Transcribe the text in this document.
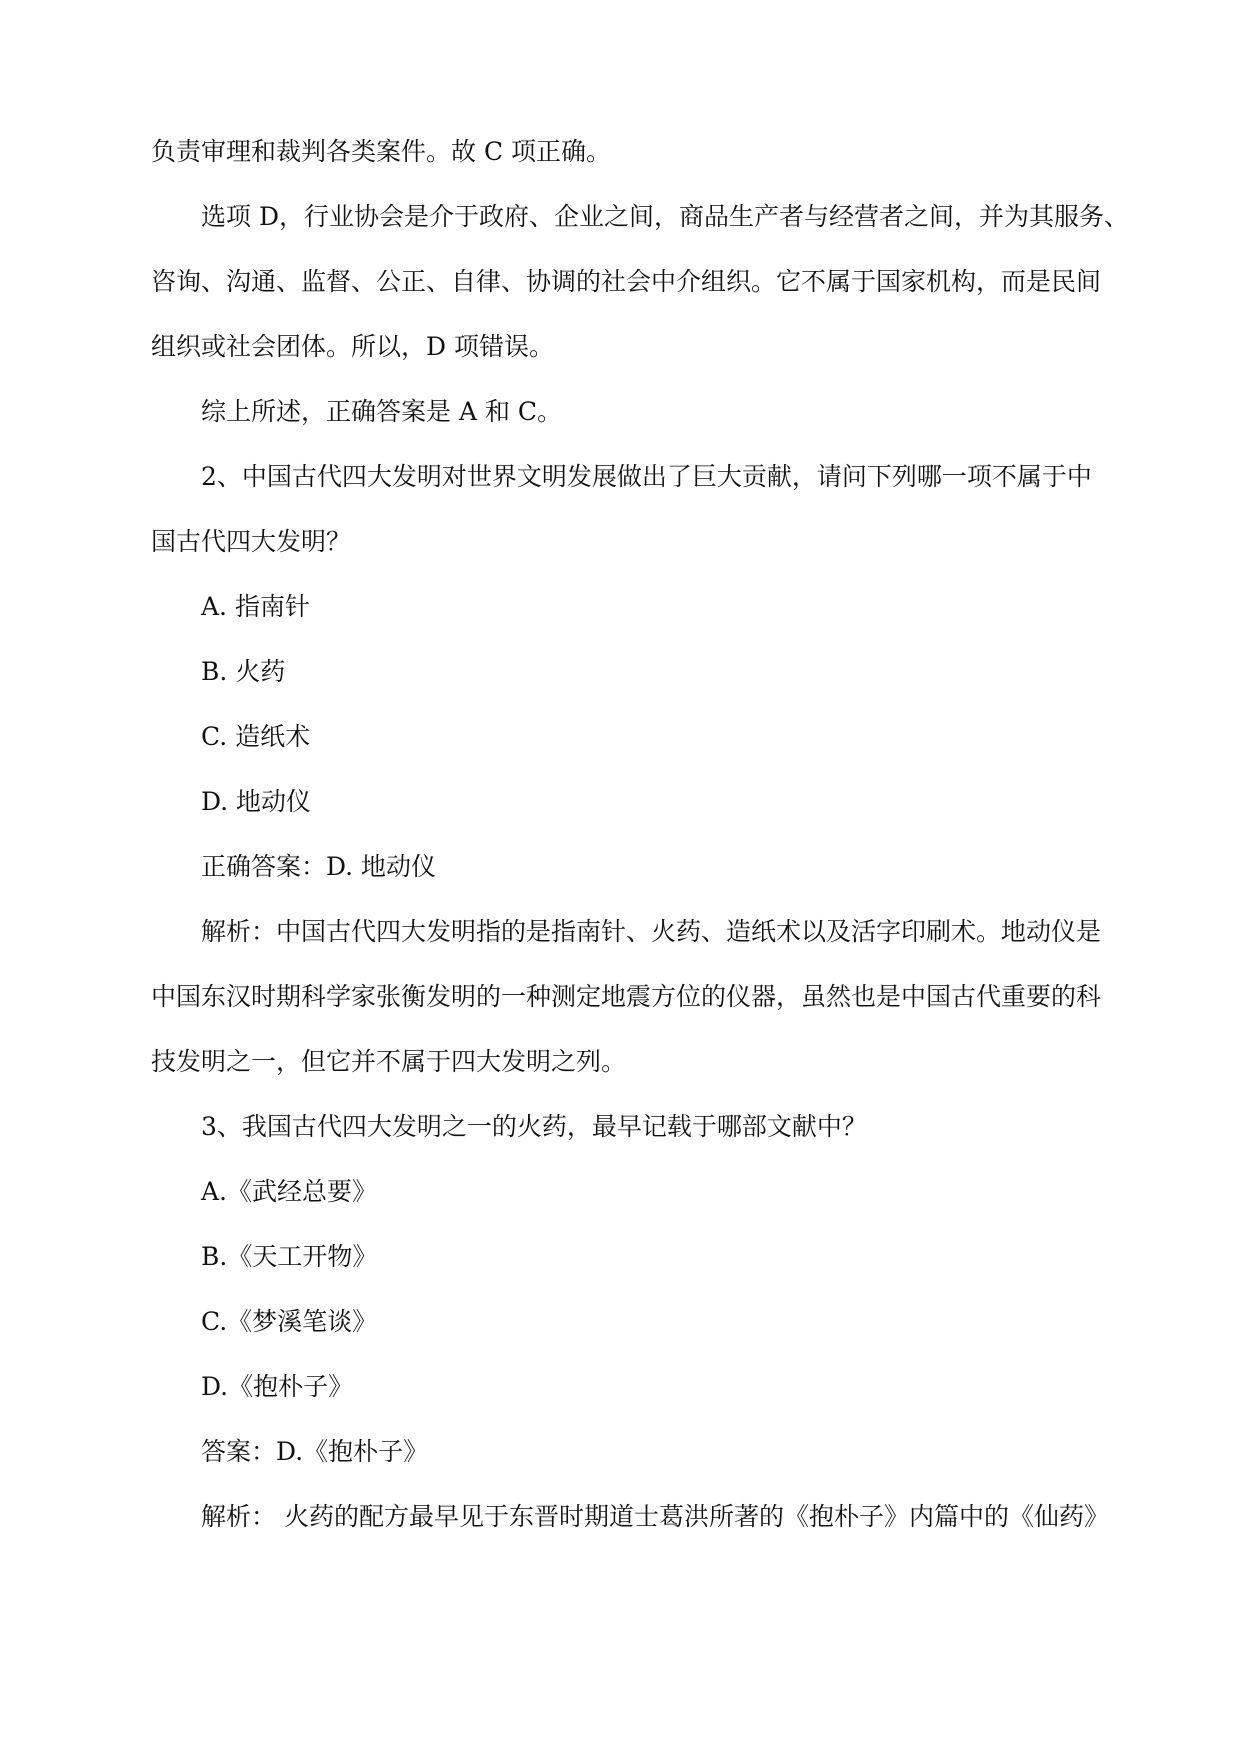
负责审理和裁判各类案件。故 C 项正确。

选项 D，行业协会是介于政府、企业之间，商品生产者与经营者之间，并为其服务、

咨询、沟通、监督、公正、自律、协调的社会中介组织。它不属于国家机构，而是民间

组织或社会团体。所以，D 项错误。

综上所述，正确答案是 A 和 C。

2、中国古代四大发明对世界文明发展做出了巨大贡献，请问下列哪一项不属于中

国古代四大发明？

A. 指南针

B. 火药

C. 造纸术

D. 地动仪

正确答案：D. 地动仪

解析：中国古代四大发明指的是指南针、火药、造纸术以及活字印刷术。地动仪是

中国东汉时期科学家张衡发明的一种测定地震方位的仪器，虽然也是中国古代重要的科

技发明之一，但它并不属于四大发明之列。

3、我国古代四大发明之一的火药，最早记载于哪部文献中？

A.《武经总要》

B.《天工开物》

C.《梦溪笔谈》

D.《抱朴子》

答案：D.《抱朴子》

解析： 火药的配方最早见于东晋时期道士葛洪所著的《抱朴子》内篇中的《仙药》
